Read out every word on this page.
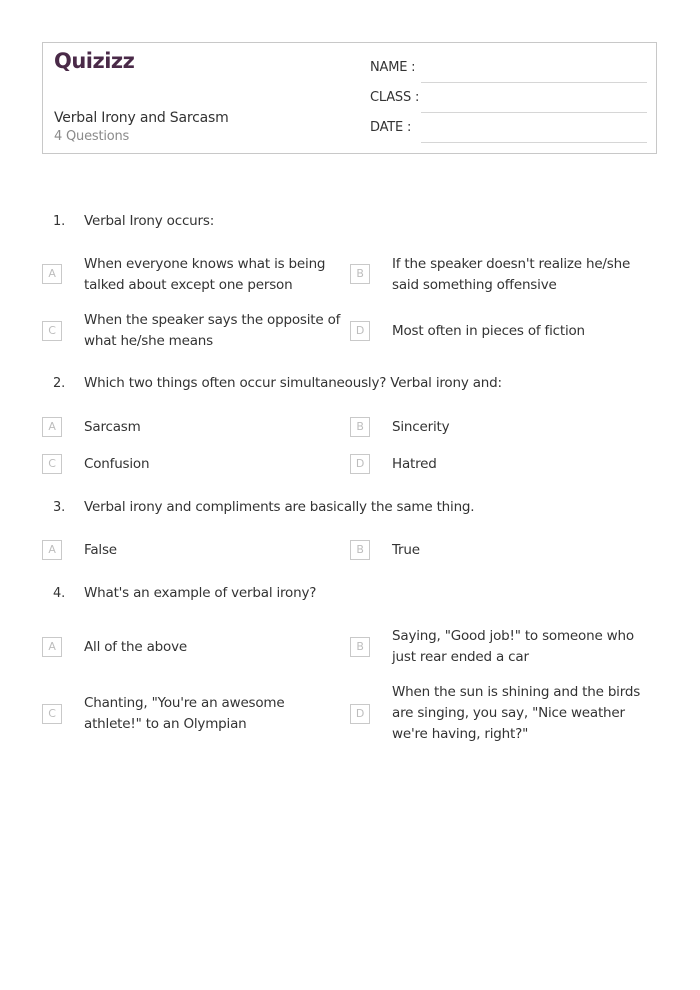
Quizizz
Verbal Irony and Sarcasm
4 Questions
NAME :
CLASS :
DATE :
1. Verbal Irony occurs:
A
When everyone knows what is being talked about except one person
B
If the speaker doesn't realize he/she said something offensive
C
When the speaker says the opposite of what he/she means
D	Most often in pieces of fiction
2. Which two things often occur simultaneously? Verbal irony and:
A	Sarcasm	B	Sincerity
C	Confusion	D	Hatred
3. Verbal irony and compliments are basically the same thing.
A	False	B	True
4. What's an example of verbal irony?
A	All of the above	B
Saying, "Good job!" to someone who just rear ended a car
C
Chanting, "You're an awesome athlete!" to an Olympian
D
When the sun is shining and the birds are singing, you say, "Nice weather we're having, right?"
